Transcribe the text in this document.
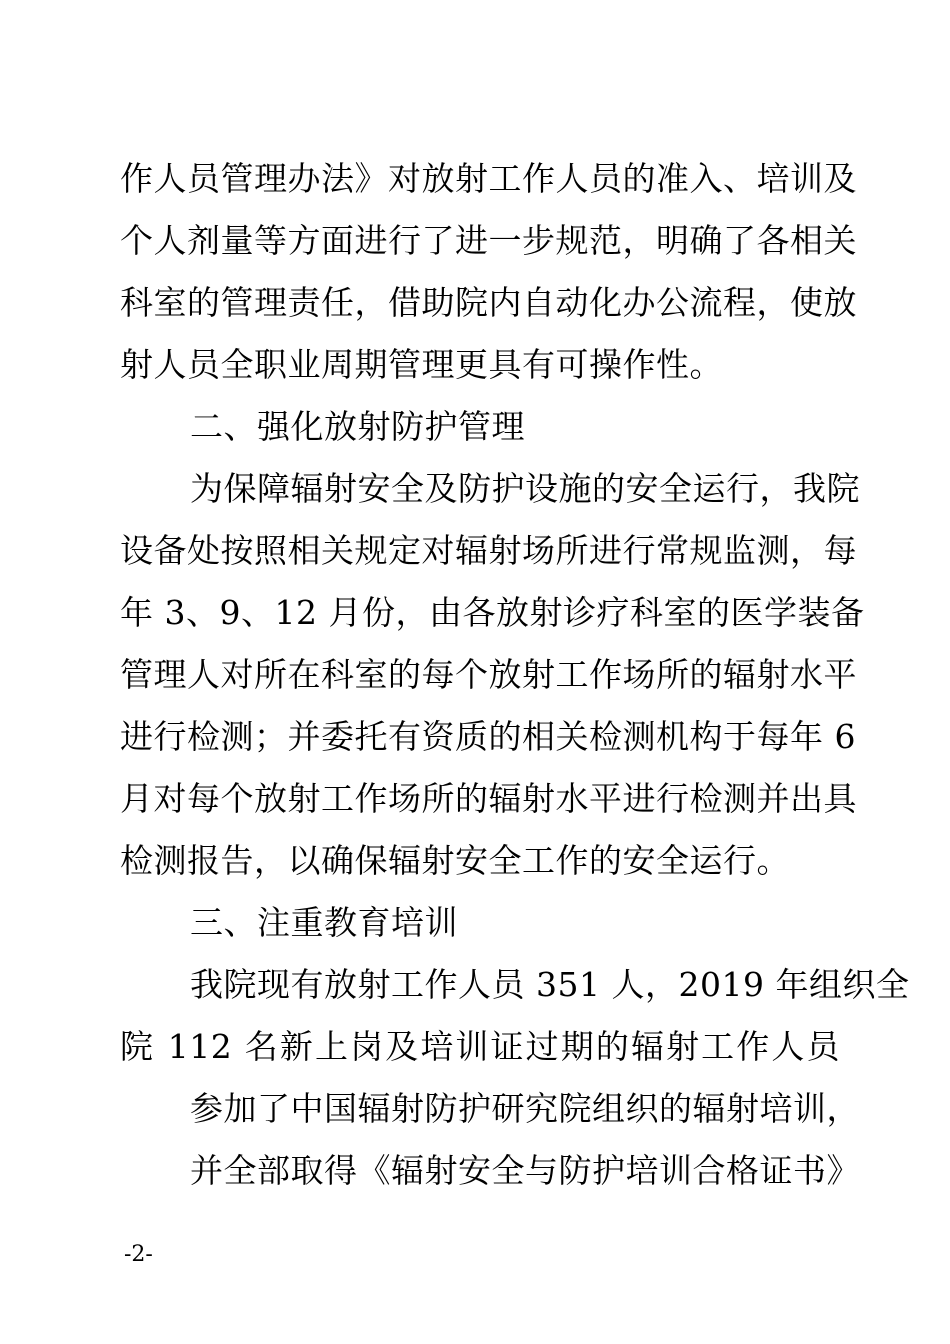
作人员管理办法》对放射工作人员的准入、培训及
个人剂量等方面进行了进一步规范，明确了各相关
科室的管理责任，借助院内自动化办公流程，使放
射人员全职业周期管理更具有可操作性。
二、强化放射防护管理
为保障辐射安全及防护设施的安全运行，我院
设备处按照相关规定对辐射场所进行常规监测，每
年 3、9、12 月份，由各放射诊疗科室的医学装备
管理人对所在科室的每个放射工作场所的辐射水平
进行检测；并委托有资质的相关检测机构于每年 6
月对每个放射工作场所的辐射水平进行检测并出具
检测报告，以确保辐射安全工作的安全运行。
三、注重教育培训
我院现有放射工作人员 351 人，2019 年组织全
院 112 名新上岗及培训证过期的辐射工作人员
参加了中国辐射防护研究院组织的辐射培训，
并全部取得《辐射安全与防护培训合格证书》
-2-
